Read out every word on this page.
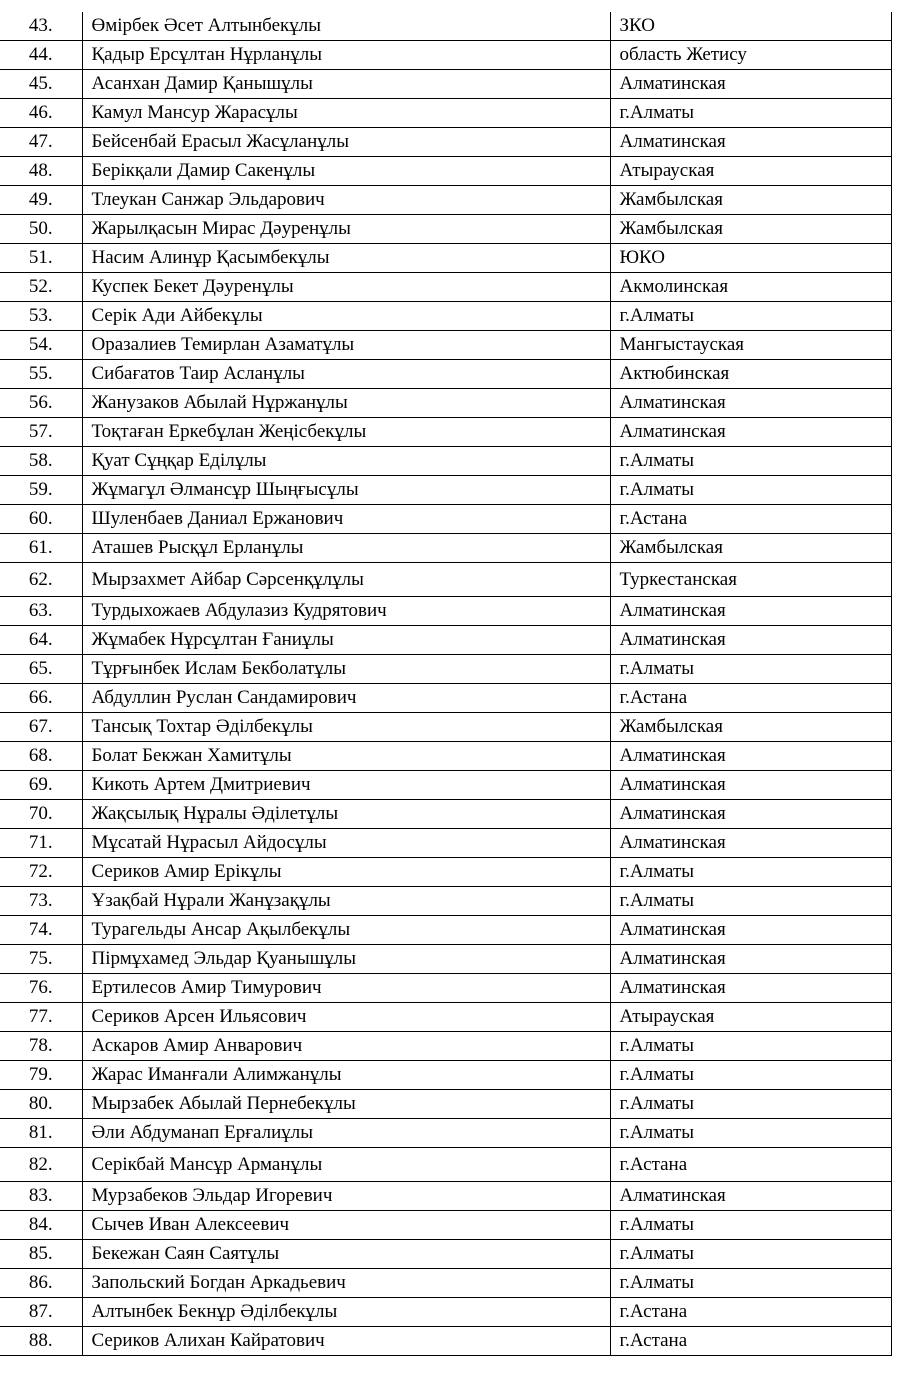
43.	Өмірбек Әсет Алтынбекұлы	ЗКО
44.	Қадыр Ерсұлтан Нұрланұлы	область Жетису
45.	Асанхан Дамир Қанышұлы	Алматинская
46.	Камул Мансур Жарасұлы	г.Алматы
47.	Бейсенбай Ерасыл Жасұланұлы	Алматинская
48.	Берікқали Дамир Сакенұлы	Атырауская
49.	Тлеукан Санжар Эльдарович	Жамбылская
50.	Жарылқасын Мирас Дәуренұлы	Жамбылская
51.	Насим Алинұр Қасымбекұлы	ЮКО
52.	Куспек Бекет Дәуренұлы	Акмолинская
53.	Серік Ади Айбекұлы	г.Алматы
54.	Оразалиев Темирлан Азаматұлы	Мангыстауская
55.	Сибағатов Таир Асланұлы	Актюбинская
56.	Жанузаков Абылай Нұржанұлы	Алматинская
57.	Тоқтаған Еркебұлан Жеңісбекұлы	Алматинская
58.	Қуат Сұңқар Еділұлы	г.Алматы
59.	Жұмагұл Әлмансұр Шыңғысұлы	г.Алматы
60.	Шуленбаев Даниал Ержанович	г.Астана
61.	Аташев Рысқұл Ерланұлы	Жамбылская
62.	Мырзахмет Айбар Сәрсенқұлұлы	Туркестанская
63.	Турдыхожаев Абдулазиз Кудрятович	Алматинская
64.	Жұмабек Нұрсұлтан Ғаниұлы	Алматинская
65.	Тұрғынбек Ислам Бекболатұлы	г.Алматы
66.	Абдуллин Руслан Сандамирович	г.Астана
67.	Тансық Тохтар Әділбекұлы	Жамбылская
68.	Болат Бекжан Хамитұлы	Алматинская
69.	Кикоть Артем Дмитриевич	Алматинская
70.	Жақсылық Нұралы Әділетұлы	Алматинская
71.	Мұсатай Нұрасыл Айдосұлы	Алматинская
72.	Сериков Амир Ерікұлы	г.Алматы
73.	Ұзақбай Нұрали Жанұзақұлы	г.Алматы
74.	Турагельды Ансар Ақылбекұлы	Алматинская
75.	Пірмұхамед Эльдар Қуанышұлы	Алматинская
76.	Ертилесов Амир Тимурович	Алматинская
77.	Сериков Арсен Ильясович	Атырауская
78.	Аскаров Амир Анварович	г.Алматы
79.	Жарас Иманғали Алимжанұлы	г.Алматы
80.	Мырзабек Абылай Пернебекұлы	г.Алматы
81.	Әли Абдуманап Ерғалиұлы	г.Алматы
82.	Серікбай Мансұр Арманұлы	г.Астана
83.	Мурзабеков Эльдар Игоревич	Алматинская
84.	Сычев Иван Алексеевич	г.Алматы
85.	Бекежан Саян Саятұлы	г.Алматы
86.	Запольский Богдан Аркадьевич	г.Алматы
87.	Алтынбек Бекнұр Әділбекұлы	г.Астана
88.	Сериков Алихан Кайратович	г.Астана
